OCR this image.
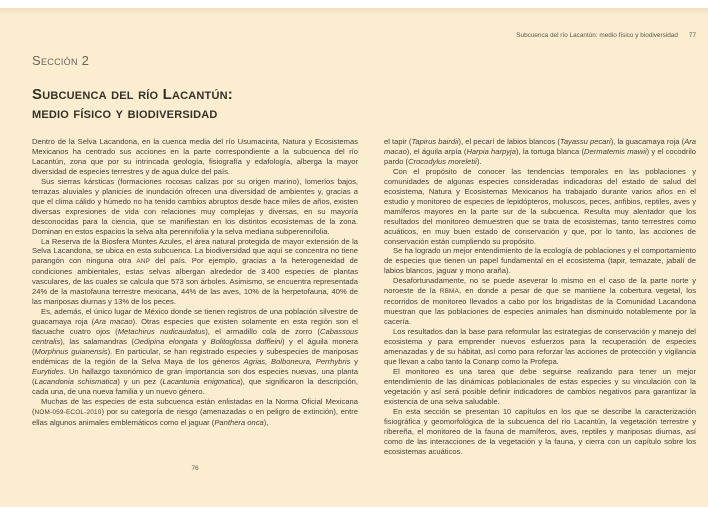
Sección 2
Subcuenca del río Lacantún:
medio físico y biodiversidad

Dentro de la Selva Lacandona, en la cuenca media del río Usumacinta, Natura y Ecosistemas Mexicanos ha centrado sus acciones en la parte correspondiente a la subcuenca del río Lacantún, zona que por su intrincada geología, fisiografía y edafología, alberga la mayor diversidad de especies terrestres y de agua dulce del país.

Sus sierras kársticas (formaciones rocosas calizas por su origen marino), lomeríos bajos, terrazas aluviales y planicies de inundación ofrecen una diversidad de ambientes y, gracias a que el clima cálido y húmedo no ha tenido cambios abruptos desde hace miles de años, existen diversas expresiones de vida con relaciones muy complejas y diversas, en su mayoría desconocidas para la ciencia, que se manifiestan en los distintos ecosistemas de la zona. Dominan en estos espacios la selva alta perennifolia y la selva mediana subperennifolia.

La Reserva de la Biosfera Montes Azules, el área natural protegida de mayor extensión de la Selva Lacandona, se ubica en esta subcuenca. La biodiversidad que aquí se concentra no tiene parangón con ninguna otra ANP del país. Por ejemplo, gracias a la heterogeneidad de condiciones ambientales, estas selvas albergan alrededor de 3 400 especies de plantas vasculares, de las cuales se calcula que 573 son árboles. Asimismo, se encuentra representada 24% de la mastofauna terrestre mexicana, 44% de las aves, 10% de la herpetofauna, 40% de las mariposas diurnas y 13% de los peces.

Es, además, el único lugar de México donde se tienen registros de una población silvestre de guacamaya roja (Ara macao). Otras especies que existen solamente en esta región son el tlacuache cuatro ojos (Metachirus nudicaudatus), el armadillo cola de zorro (Cabassous centralis), las salamandras (Oedipina elongata y Bolitoglossa doffleini) y el águila monera (Morphnus guianensis). En particular, se han registrado especies y subespecies de mariposas endémicas de la región de la Selva Maya de los géneros Agrias, Bolboneura, Perrhybris y Eurytides. Un hallazgo taxonómico de gran importancia son dos especies nuevas, una planta (Lacandonia schismatica) y un pez (Lacantunia enigmatica), que significaron la descripción, cada una, de una nueva familia y un nuevo género.

Muchas de las especies de esta subcuenca están enlistadas en la Norma Oficial Mexicana (NOM-059-ECOL-2010) por su categoría de riesgo (amenazadas o en peligro de extinción), entre ellas algunos animales emblemáticos como el jaguar (Panthera onca),

76
Subcuenca del río Lacantún: medio físico y biodiversidad 77

el tapir (Tapirus bairdii), el pecarí de labios blancos (Tayassu pecari), la guacamaya roja (Ara macao), el águila arpía (Harpia harpyja), la tortuga blanca (Dermatemis mawii) y el cocodrilo pardo (Crocodylus moreletii).

Con el propósito de conocer las tendencias temporales en las poblaciones y comunidades de algunas especies consideradas indicadoras del estado de salud del ecosistema, Natura y Ecosistemas Mexicanos ha trabajado durante varios años en el estudio y monitoreo de especies de lepidópteros, moluscos, peces, anfibios, reptiles, aves y mamíferos mayores en la parte sur de la subcuenca. Resulta muy alentador que los resultados del monitoreo demuestren que se trata de ecosistemas, tanto terrestres como acuáticos, en muy buen estado de conservación y que, por lo tanto, las acciones de conservación están cumpliendo su propósito.

Se ha logrado un mejor entendimiento de la ecología de poblaciones y el comportamiento de especies que tienen un papel fundamental en el ecosistema (tapir, temazate, jabalí de labios blancos, jaguar y mono araña).

Desafortunadamente, no se puede aseverar lo mismo en el caso de la parte norte y noroeste de la RBMA, en donde a pesar de que se mantiene la cobertura vegetal, los recorridos de monitoreo llevados a cabo por los brigadistas de la Comunidad Lacandona muestran que las poblaciones de especies animales han disminuido notablemente por la cacería.

Los resultados dan la base para reformular las estrategias de conservación y manejo del ecosistema y para emprender nuevos esfuerzos para la recuperación de especies amenazadas y de su hábitat, así como para reforzar las acciones de protección y vigilancia que llevan a cabo tanto la Conanp como la Profepa.

El monitoreo es una tarea que debe seguirse realizando para tener un mejor entendimiento de las dinámicas poblacionales de estas especies y su vinculación con la vegetación y así será posible definir indicadores de cambios negativos para garantizar la existencia de una selva saludable.

En esta sección se presentan 10 capítulos en los que se describe la caracterización fisiográfica y geomorfológica de la subcuenca del río Lacantún, la vegetación terrestre y ribereña, el monitoreo de la fauna de mamíferos, aves, reptiles y mariposas diurnas, así como de las interacciones de la vegetación y la fauna, y cierra con un capítulo sobre los ecosistemas acuáticos.
